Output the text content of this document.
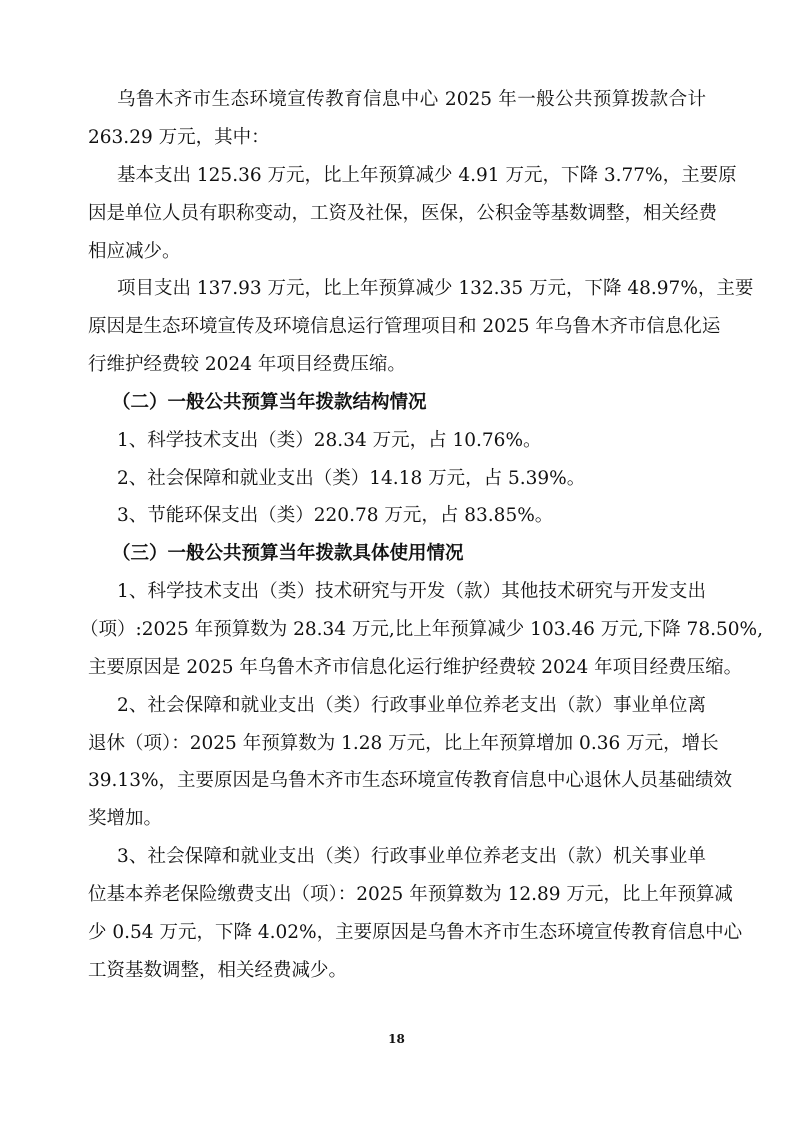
乌鲁木齐市生态环境宣传教育信息中心 2025 年一般公共预算拨款合计
263.29 万元，其中：
基本支出 125.36 万元，比上年预算减少 4.91 万元，下降 3.77%，主要原
因是单位人员有职称变动，工资及社保，医保，公积金等基数调整，相关经费
相应减少。
项目支出 137.93 万元，比上年预算减少 132.35 万元，下降 48.97%，主要
原因是生态环境宣传及环境信息运行管理项目和 2025 年乌鲁木齐市信息化运
行维护经费较 2024 年项目经费压缩。
（二）一般公共预算当年拨款结构情况
1、科学技术支出（类）28.34 万元，占 10.76%。
2、社会保障和就业支出（类）14.18 万元，占 5.39%。
3、节能环保支出（类）220.78 万元，占 83.85%。
（三）一般公共预算当年拨款具体使用情况
1、科学技术支出（类）技术研究与开发（款）其他技术研究与开发支出
（项）:2025 年预算数为 28.34 万元,比上年预算减少 103.46 万元,下降 78.50%,
主要原因是 2025 年乌鲁木齐市信息化运行维护经费较 2024 年项目经费压缩。
2、社会保障和就业支出（类）行政事业单位养老支出（款）事业单位离
退休（项）：2025 年预算数为 1.28 万元，比上年预算增加 0.36 万元，增长
39.13%，主要原因是乌鲁木齐市生态环境宣传教育信息中心退休人员基础绩效
奖增加。
3、社会保障和就业支出（类）行政事业单位养老支出（款）机关事业单
位基本养老保险缴费支出（项）：2025 年预算数为 12.89 万元，比上年预算减
少 0.54 万元，下降 4.02%，主要原因是乌鲁木齐市生态环境宣传教育信息中心
工资基数调整，相关经费减少。
18
